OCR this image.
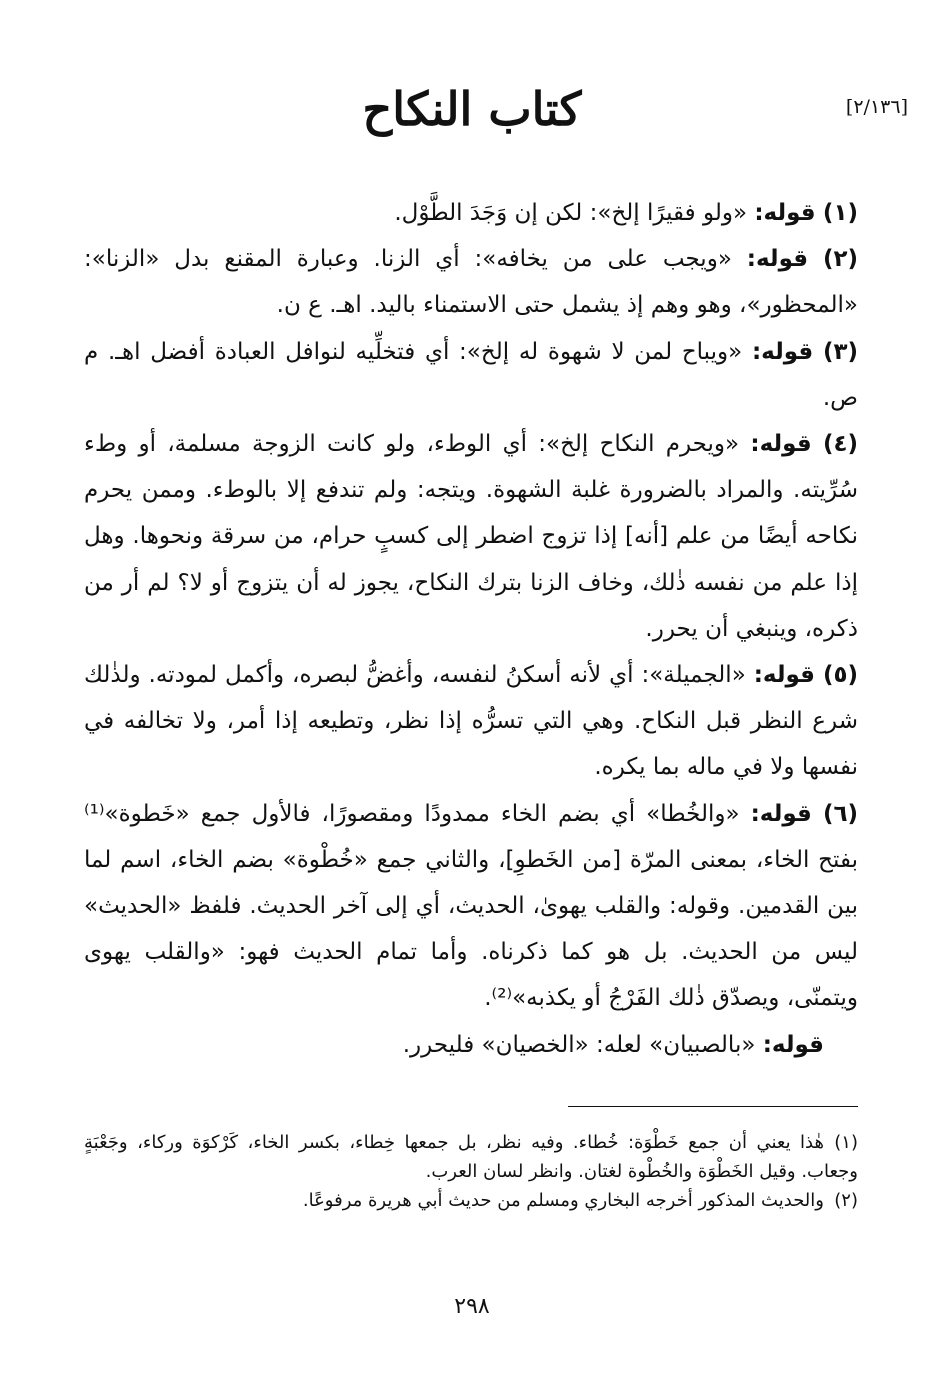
[٢/١٣٦]
كتاب النكاح

(١) قوله: «ولو فقيرًا إلخ»: لكن إن وَجَدَ الطَّوْل.

(٢) قوله: «ويجب على من يخافه»: أي الزنا. وعبارة المقنع بدل «الزنا»: «المحظور»، وهو وهم إذ يشمل حتى الاستمناء باليد. اهـ. ع ن.

(٣) قوله: «ويباح لمن لا شهوة له إلخ»: أي فتخلِّيه لنوافل العبادة أفضل اهـ. م ص.

(٤) قوله: «ويحرم النكاح إلخ»: أي الوطء، ولو كانت الزوجة مسلمة، أو وطء سُرِّيته. والمراد بالضرورة غلبة الشهوة. ويتجه: ولم تندفع إلا بالوطء. وممن يحرم نكاحه أيضًا من علم [أنه] إذا تزوج اضطر إلى كسبٍ حرام، من سرقة ونحوها. وهل إذا علم من نفسه ذٰلك، وخاف الزنا بترك النكاح، يجوز له أن يتزوج أو لا؟ لم أر من ذكره، وينبغي أن يحرر.

(٥) قوله: «الجميلة»: أي لأنه أسكنُ لنفسه، وأغضُّ لبصره، وأكمل لمودته. ولذٰلك شرع النظر قبل النكاح. وهي التي تسرُّه إذا نظر، وتطيعه إذا أمر، ولا تخالفه في نفسها ولا في ماله بما يكره.

(٦) قوله: «والخُطا» أي بضم الخاء ممدودًا ومقصورًا، فالأول جمع «خَطوة»⁽¹⁾ بفتح الخاء، بمعنى المرّة [من الخَطوِ]، والثاني جمع «خُطْوة» بضم الخاء، اسم لما بين القدمين. وقوله: والقلب يهوىٰ، الحديث، أي إلى آخر الحديث. فلفظ «الحديث» ليس من الحديث. بل هو كما ذكرناه. وأما تمام الحديث فهو: «والقلب يهوى ويتمنّى، ويصدّق ذٰلك الفَرْجُ أو يكذبه»⁽²⁾.

قوله: «بالصبيان» لعله: «الخصيان» فليحرر.

(١)هٰذا يعني أن جمع خَطْوَة: خُطاء. وفيه نظر، بل جمعها خِطاء، بكسر الخاء، كَرْكوَة وركاء، وجَعْبَةٍ وجعاب. وقيل الخَطْوَة والخُطْوة لغتان. وانظر لسان العرب.

(٢)والحديث المذكور أخرجه البخاري ومسلم من حديث أبي هريرة مرفوعًا.

٢٩٨
